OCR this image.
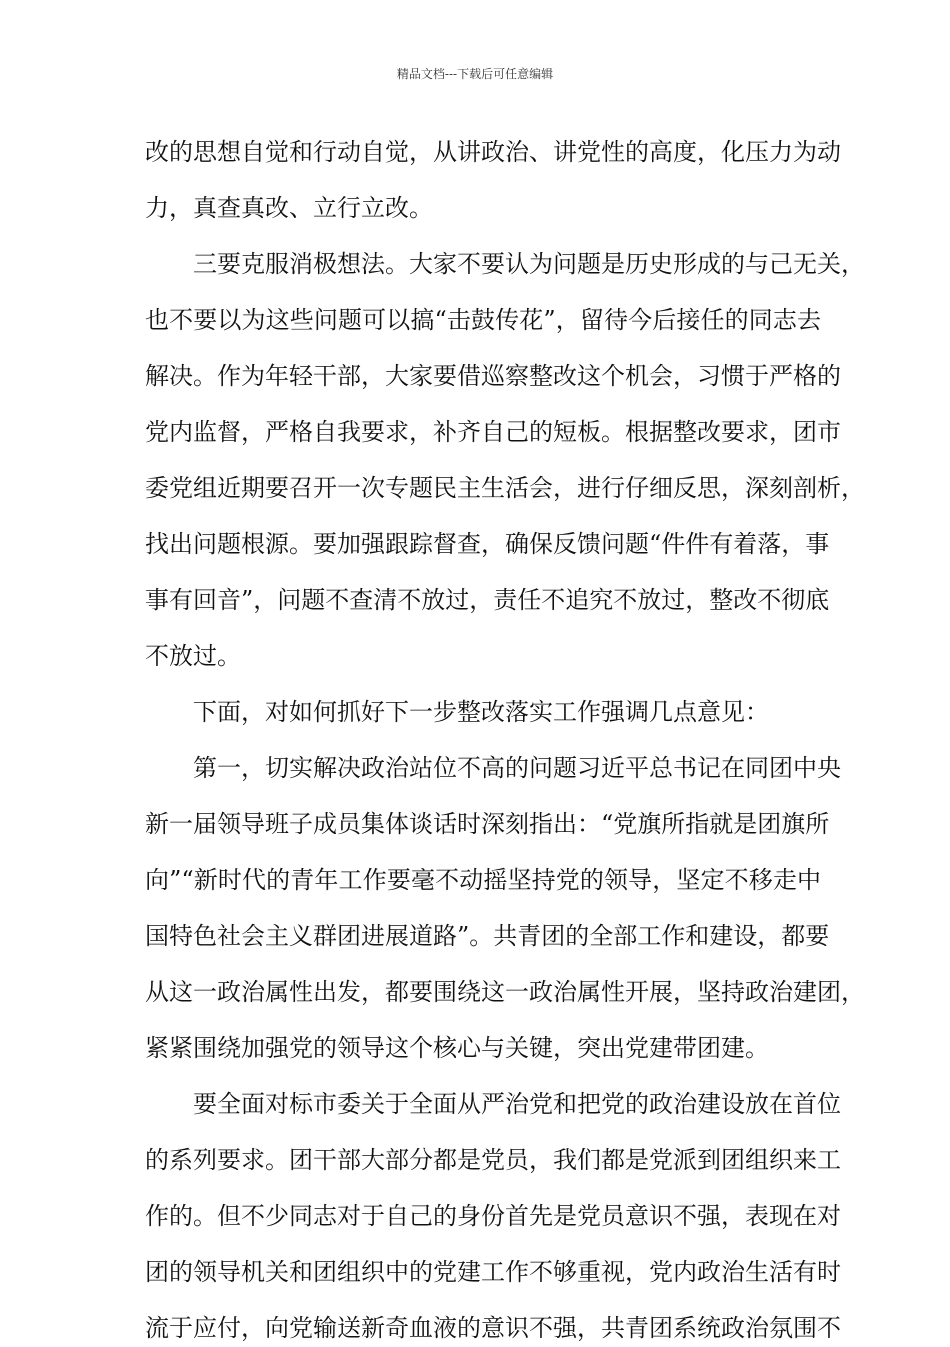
精品文档---下载后可任意编辑
改的思想自觉和行动自觉，从讲政治、讲党性的高度，化压力为动
力，真查真改、立行立改。
三要克服消极想法。大家不要认为问题是历史形成的与己无关，
也不要以为这些问题可以搞“击鼓传花”，留待今后接任的同志去
解决。作为年轻干部，大家要借巡察整改这个机会，习惯于严格的
党内监督，严格自我要求，补齐自己的短板。根据整改要求，团市
委党组近期要召开一次专题民主生活会，进行仔细反思，深刻剖析，
找出问题根源。要加强跟踪督查，确保反馈问题“件件有着落，事
事有回音”，问题不查清不放过，责任不追究不放过，整改不彻底
不放过。
下面，对如何抓好下一步整改落实工作强调几点意见：
第一，切实解决政治站位不高的问题习近平总书记在同团中央
新一届领导班子成员集体谈话时深刻指出：“党旗所指就是团旗所
向”“新时代的青年工作要毫不动摇坚持党的领导，坚定不移走中
国特色社会主义群团进展道路”。共青团的全部工作和建设，都要
从这一政治属性出发，都要围绕这一政治属性开展，坚持政治建团，
紧紧围绕加强党的领导这个核心与关键，突出党建带团建。
要全面对标市委关于全面从严治党和把党的政治建设放在首位
的系列要求。团干部大部分都是党员，我们都是党派到团组织来工
作的。但不少同志对于自己的身份首先是党员意识不强，表现在对
团的领导机关和团组织中的党建工作不够重视，党内政治生活有时
流于应付，向党输送新奇血液的意识不强，共青团系统政治氛围不
